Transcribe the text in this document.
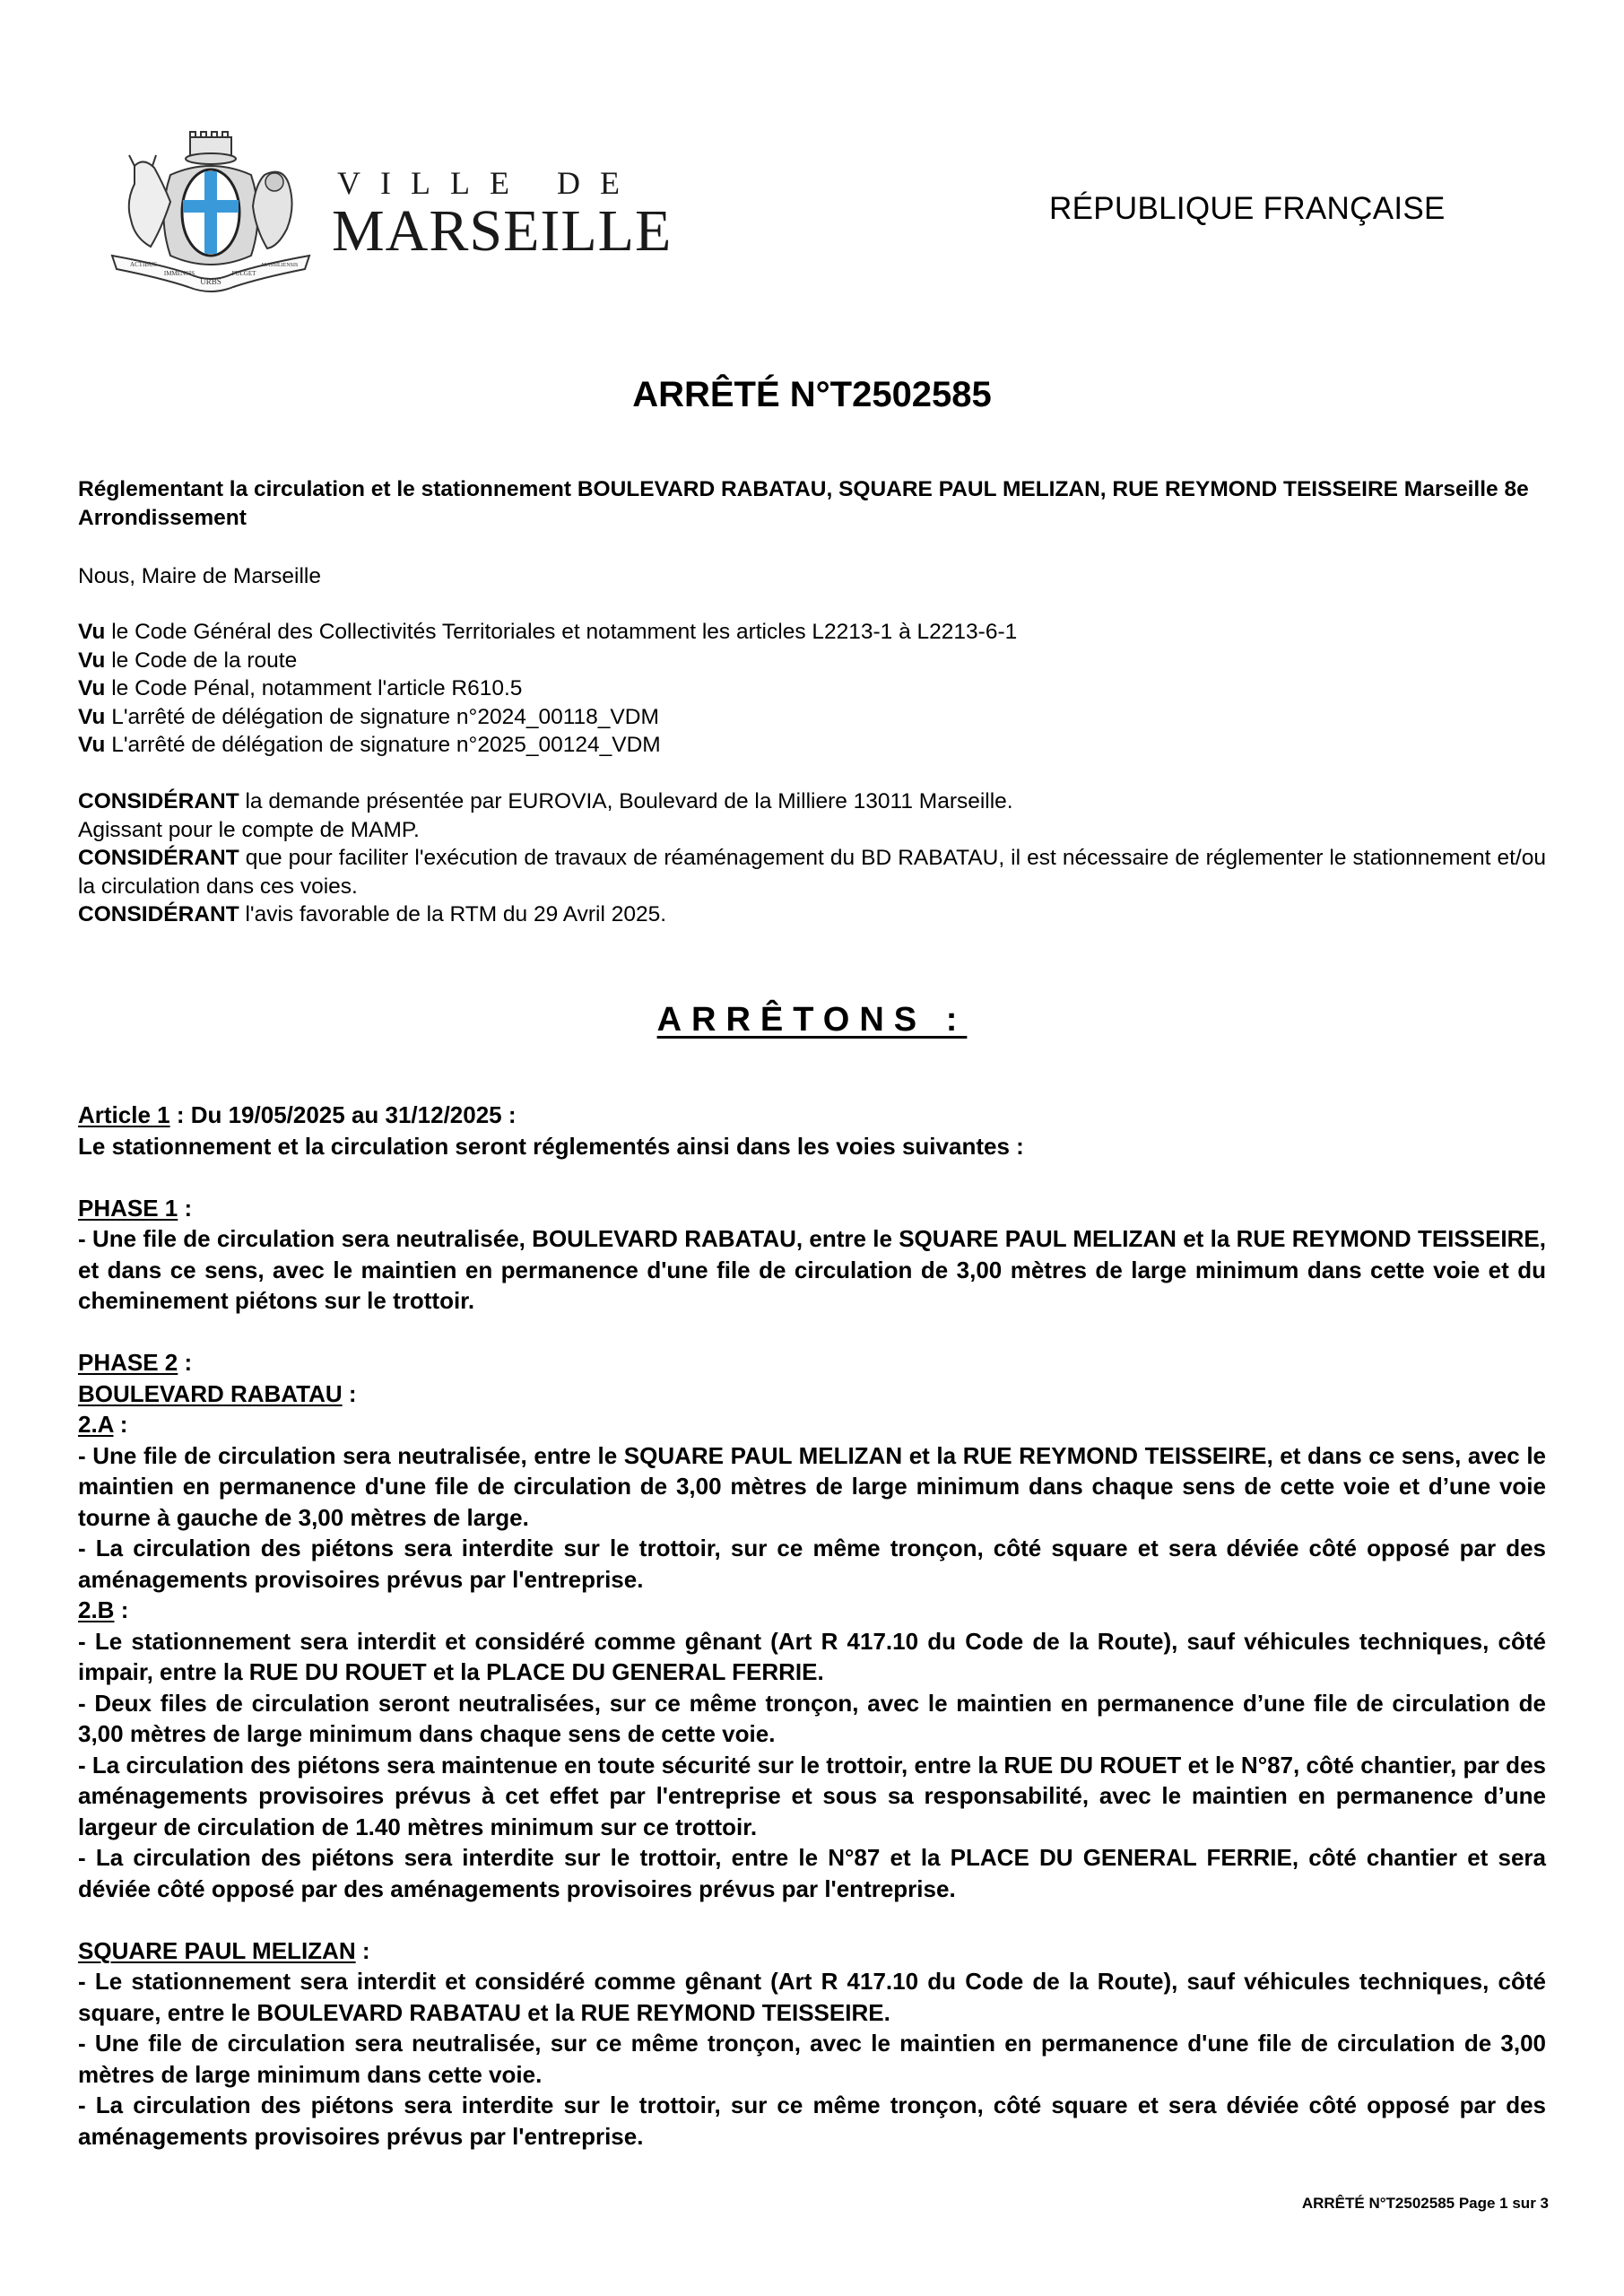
URBS
ACTIBUS
IMMENSIS	FULGET
MASSILIENSIS
VILLE DE
MARSEILLE	RÉPUBLIQUE FRANÇAISE
ARRÊTÉ N°T2502585
Réglementant la circulation et le stationnement BOULEVARD RABATAU, SQUARE PAUL MELIZAN, RUE REYMOND TEISSEIRE Marseille 8e Arrondissement
Nous, Maire de Marseille

Vu le Code Général des Collectivités Territoriales et notamment les articles L2213-1 à L2213-6-1

Vu le Code de la route

Vu le Code Pénal, notamment l'article R610.5

Vu L'arrêté de délégation de signature n°2024_00118_VDM

Vu L'arrêté de délégation de signature n°2025_00124_VDM

CONSIDÉRANT la demande présentée par EUROVIA, Boulevard de la Milliere 13011 Marseille.

Agissant pour le compte de MAMP.

CONSIDÉRANT que pour faciliter l'exécution de travaux de réaménagement du BD RABATAU, il est nécessaire de réglementer le stationnement et/ou la circulation dans ces voies.

CONSIDÉRANT l'avis favorable de la RTM du 29 Avril 2025.

ARRÊTONS :

Article 1 : Du 19/05/2025 au 31/12/2025 :

Le stationnement et la circulation seront réglementés ainsi dans les voies suivantes :

PHASE 1 :

- Une file de circulation sera neutralisée, BOULEVARD RABATAU, entre le SQUARE PAUL MELIZAN et la RUE REYMOND TEISSEIRE, et dans ce sens, avec le maintien en permanence d'une file de circulation de 3,00 mètres de large minimum dans cette voie et du cheminement piétons sur le trottoir.

PHASE 2 :

BOULEVARD RABATAU :

2.A :

- Une file de circulation sera neutralisée, entre le SQUARE PAUL MELIZAN et la RUE REYMOND TEISSEIRE, et dans ce sens, avec le maintien en permanence d'une file de circulation de 3,00 mètres de large minimum dans chaque sens de cette voie et d’une voie tourne à gauche de 3,00 mètres de large.

- La circulation des piétons sera interdite sur le trottoir, sur ce même tronçon, côté square et sera déviée côté opposé par des aménagements provisoires prévus par l'entreprise.

2.B :

- Le stationnement sera interdit et considéré comme gênant (Art R 417.10 du Code de la Route), sauf véhicules techniques, côté impair, entre la RUE DU ROUET et la PLACE DU GENERAL FERRIE.

- Deux files de circulation seront neutralisées, sur ce même tronçon, avec le maintien en permanence d’une file de circulation de 3,00 mètres de large minimum dans chaque sens de cette voie.

- La circulation des piétons sera maintenue en toute sécurité sur le trottoir, entre la RUE DU ROUET et le N°87, côté chantier, par des aménagements provisoires prévus à cet effet par l'entreprise et sous sa responsabilité, avec le maintien en permanence d’une largeur de circulation de 1.40 mètres minimum sur ce trottoir.

- La circulation des piétons sera interdite sur le trottoir, entre le N°87 et la PLACE DU GENERAL FERRIE, côté chantier et sera déviée côté opposé par des aménagements provisoires prévus par l'entreprise.

SQUARE PAUL MELIZAN :

- Le stationnement sera interdit et considéré comme gênant (Art R 417.10 du Code de la Route), sauf véhicules techniques, côté square, entre le BOULEVARD RABATAU et la RUE REYMOND TEISSEIRE.

- Une file de circulation sera neutralisée, sur ce même tronçon, avec le maintien en permanence d'une file de circulation de 3,00 mètres de large minimum dans cette voie.

- La circulation des piétons sera interdite sur le trottoir, sur ce même tronçon, côté square et sera déviée côté opposé par des aménagements provisoires prévus par l'entreprise.

ARRÊTÉ N°T2502585 Page 1 sur 3
